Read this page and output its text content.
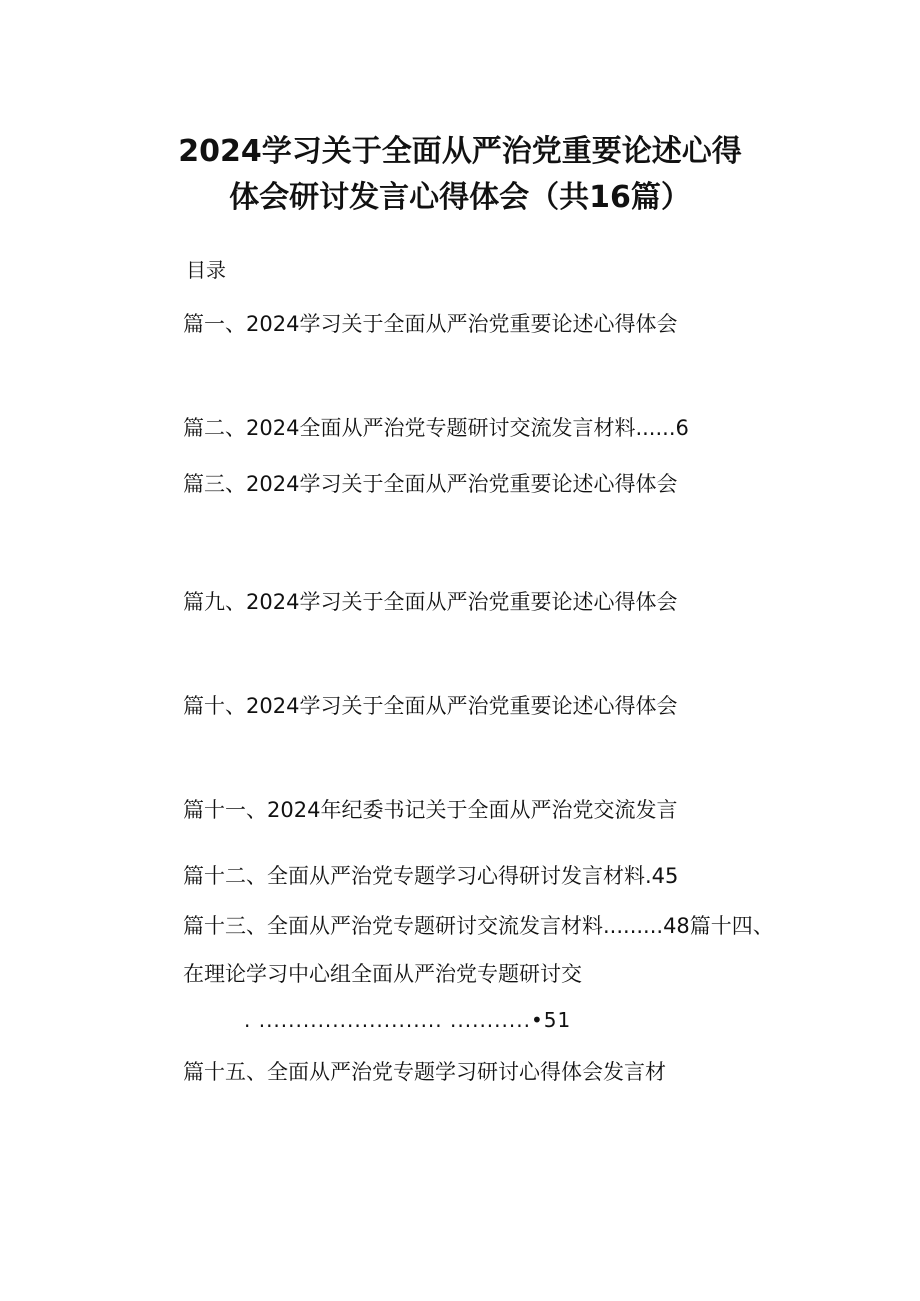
2024学习关于全面从严治党重要论述心得
体会研讨发言心得体会（共16篇）
目录
篇一、2024学习关于全面从严治党重要论述心得体会
篇二、2024全面从严治党专题研讨交流发言材料......6
篇三、2024学习关于全面从严治党重要论述心得体会
篇九、2024学习关于全面从严治党重要论述心得体会
篇十、2024学习关于全面从严治党重要论述心得体会
篇十一、2024年纪委书记关于全面从严治党交流发言
篇十二、全面从严治党专题学习心得研讨发言材料.45
篇十三、全面从严治党专题研讨交流发言材料.........48篇十四、
在理论学习中心组全面从严治党专题研讨交
. ......................... ...........•51
篇十五、全面从严治党专题学习研讨心得体会发言材
